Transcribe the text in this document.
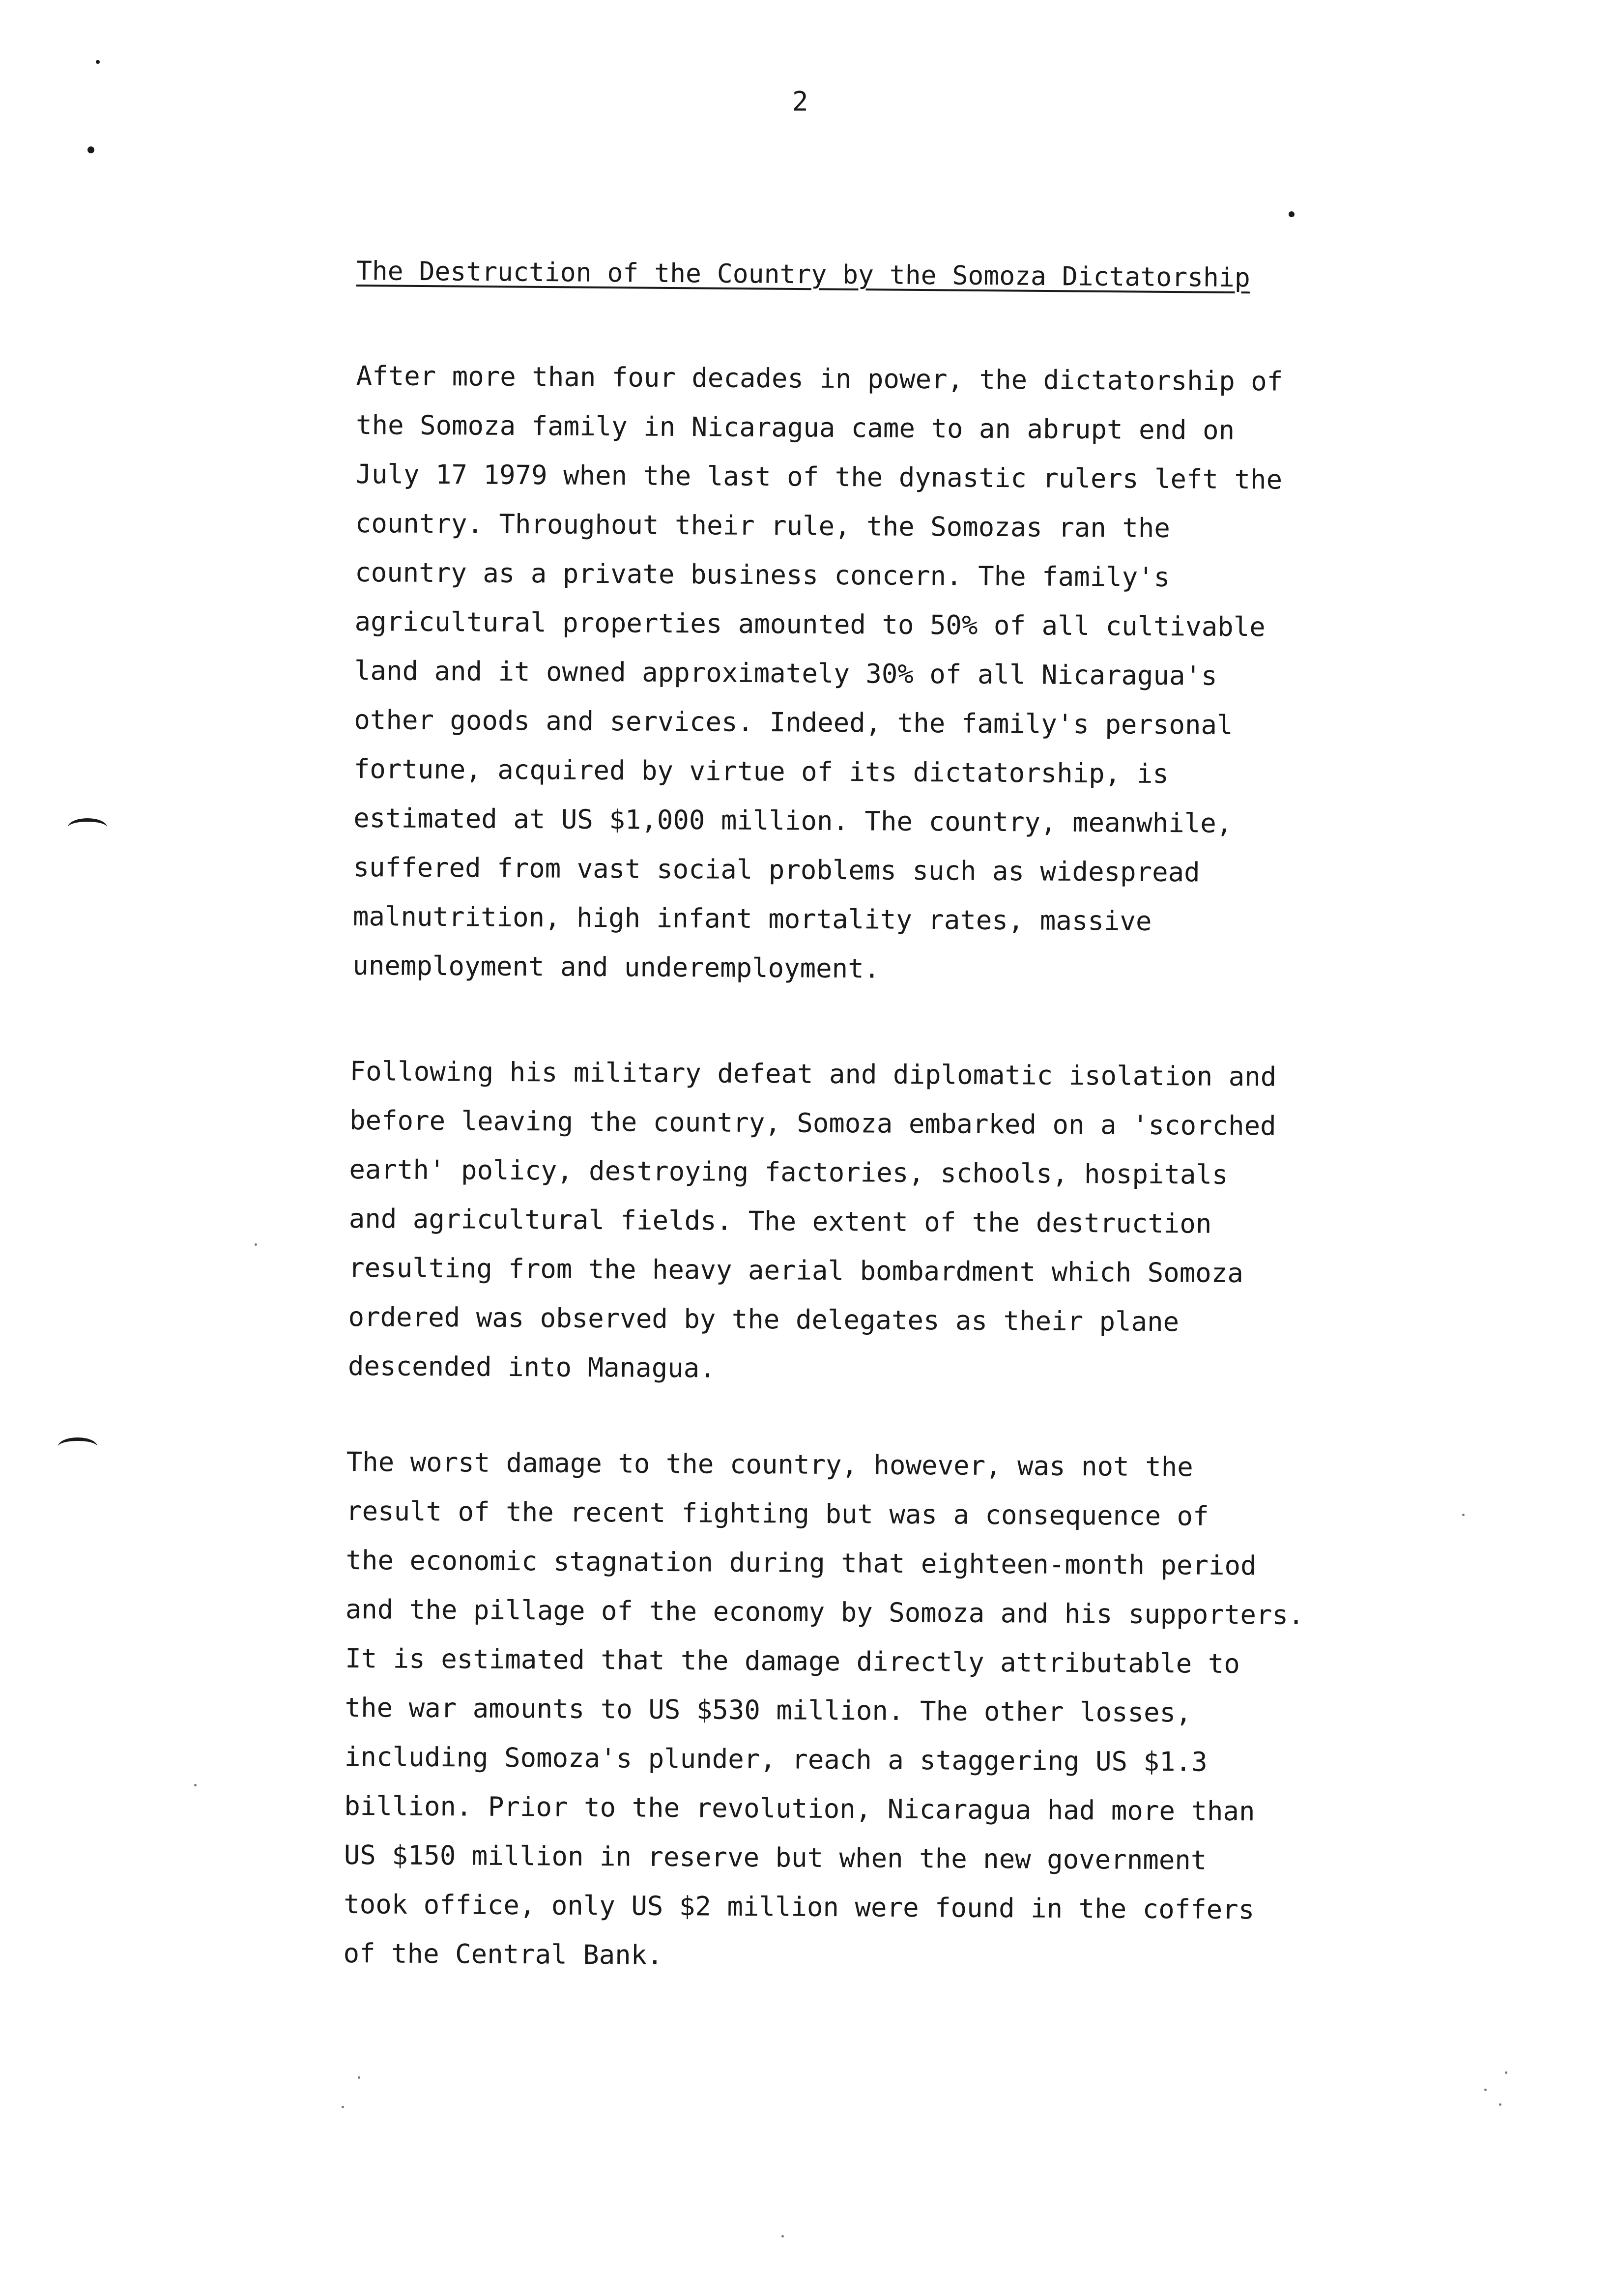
2
The Destruction of the Country by the Somoza Dictatorship
After more than four decades in power, the dictatorship of
the Somoza family in Nicaragua came to an abrupt end on
July 17 1979 when the last of the dynastic rulers left the
country. Throughout their rule, the Somozas ran the
country as a private business concern. The family's
agricultural properties amounted to 50% of all cultivable
land and it owned approximately 30% of all Nicaragua's
other goods and services. Indeed, the family's personal
fortune, acquired by virtue of its dictatorship, is
estimated at US $1,000 million. The country, meanwhile,
suffered from vast social problems such as widespread
malnutrition, high infant mortality rates, massive
unemployment and underemployment.
Following his military defeat and diplomatic isolation and
before leaving the country, Somoza embarked on a 'scorched
earth' policy, destroying factories, schools, hospitals
and agricultural fields. The extent of the destruction
resulting from the heavy aerial bombardment which Somoza
ordered was observed by the delegates as their plane
descended into Managua.
The worst damage to the country, however, was not the
result of the recent fighting but was a consequence of
the economic stagnation during that eighteen-month period
and the pillage of the economy by Somoza and his supporters.
It is estimated that the damage directly attributable to
the war amounts to US $530 million. The other losses,
including Somoza's plunder, reach a staggering US $1.3
billion. Prior to the revolution, Nicaragua had more than
US $150 million in reserve but when the new government
took office, only US $2 million were found in the coffers
of the Central Bank.
